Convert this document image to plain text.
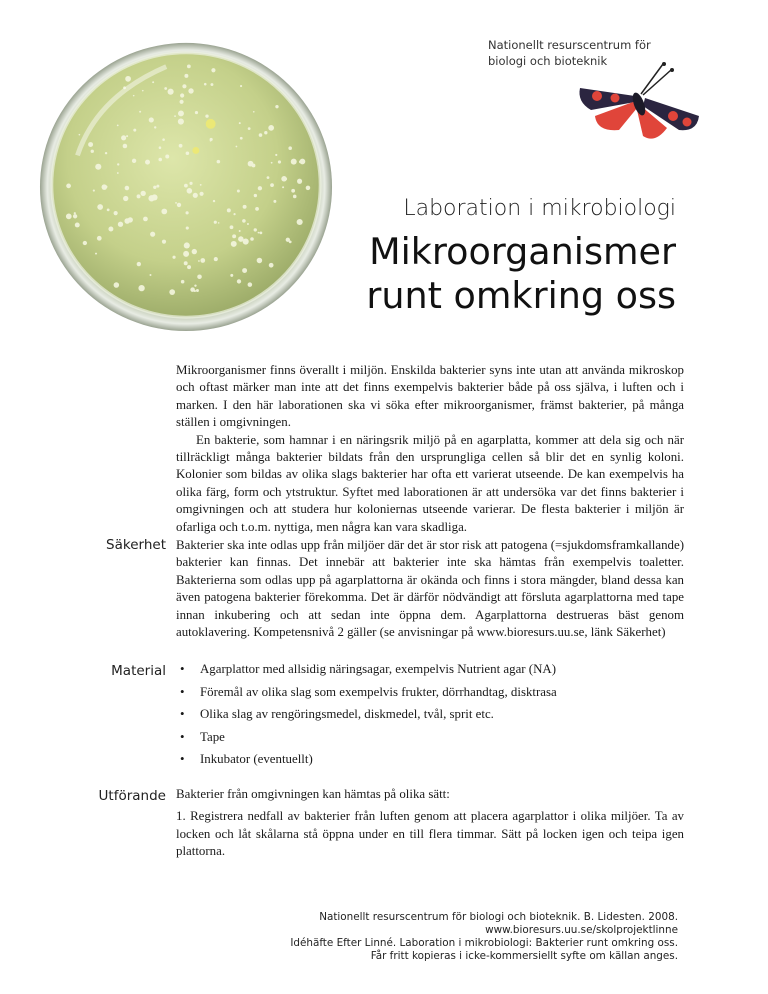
Nationellt resurscentrum för
biologi och bioteknik
Laboration i mikrobiologi
Mikroorganismer
runt omkring oss

Mikroorganismer finns överallt i miljön. Enskilda bakterier syns inte utan att använda mikroskop och oftast märker man inte att det finns exempelvis bakterier både på oss själva, i luften och i marken. I den här laborationen ska vi söka efter mikroorganismer, främst bakterier, på många ställen i omgivningen.

En bakterie, som hamnar i en näringsrik miljö på en agarplatta, kommer att dela sig och när tillräckligt många bakterier bildats från den ursprungliga cellen så blir det en synlig koloni. Kolonier som bildas av olika slags bakterier har ofta ett varierat utseende. De kan exempelvis ha olika färg, form och ytstruktur. Syftet med laborationen är att undersöka var det finns bakterier i omgivningen och att studera hur koloniernas utseende varierar. De flesta bakterier i miljön är ofarliga och t.o.m. nyttiga, men några kan vara skadliga.

Säkerhet Bakterier ska inte odlas upp från miljöer där det är stor risk att patogena (=sjukdomsframkallande) bakterier kan finnas. Det innebär att bakterier inte ska hämtas från exempelvis toaletter. Bakterierna som odlas upp på agarplattorna är okända och finns i stora mängder, bland dessa kan även patogena bakterier förekomma. Det är därför nödvändigt att försluta agarplattorna med tape innan inkubering och att sedan inte öppna dem. Agarplattorna destrueras bäst genom autoklavering. Kompetensnivå 2 gäller (se anvisningar på www.bioresurs.uu.se, länk Säkerhet)
Material
•	Agarplattor med allsidig näringsagar, exempelvis Nutrient agar (NA)
• Föremål av olika slag som exempelvis frukter, dörrhandtag, disktrasa
• Olika slag av rengöringsmedel, diskmedel, tvål, sprit etc.
• Tape
• Inkubator (eventuellt)
Utförande Bakterier från omgivningen kan hämtas på olika sätt:

1. Registrera nedfall av bakterier från luften genom att placera agarplattor i olika miljöer. Ta av locken och låt skålarna stå öppna under en till flera timmar. Sätt på locken igen och teipa igen plattorna.

Nationellt resurscentrum för biologi och bioteknik. B. Lidesten. 2008.
www.bioresurs.uu.se/skolprojektlinne
Idéhäfte Efter Linné. Laboration i mikrobiologi: Bakterier runt omkring oss.
Får fritt kopieras i icke-kommersiellt syfte om källan anges.
